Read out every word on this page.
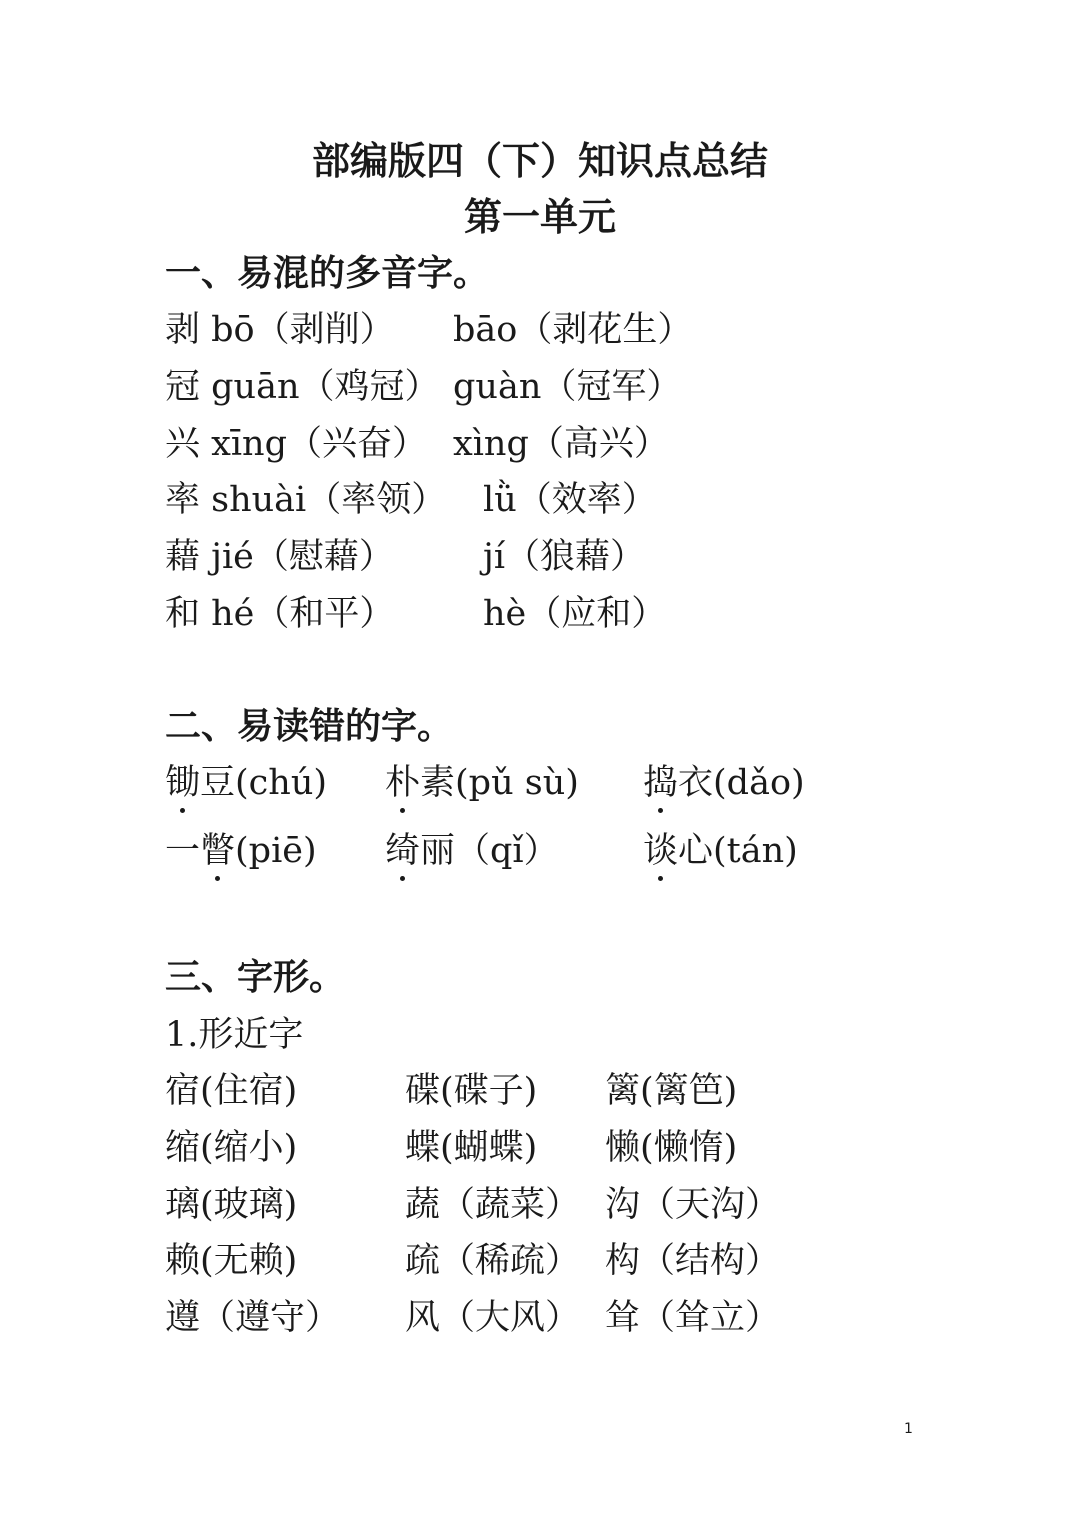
部编版四（下）知识点总结
第一单元
一、易混的多音字。
剥 bō（剥削） bāo（剥花生）
冠 guān（鸡冠） guàn（冠军）
兴 xīng（兴奋） xìng（高兴）
率 shuài（率领） lǜ（效率）
藉 jié（慰藉）	jí（狼藉）
和 hé（和平）	hè（应和）
二、易读错的字。
锄豆(chú) 朴素(pǔ sù) 捣衣(dǎo)
一瞥(piē) 绮丽（qǐ） 谈心(tán)
三、字形。
1.形近字
宿(住宿)	碟(碟子) 篱(篱笆)
缩(缩小)	蝶(蝴蝶) 懒(懒惰)
璃(玻璃)	蔬（蔬菜） 沟（天沟）
赖(无赖)	疏（稀疏） 构（结构）
遵（遵守） 风（大风） 耸（耸立）
1
